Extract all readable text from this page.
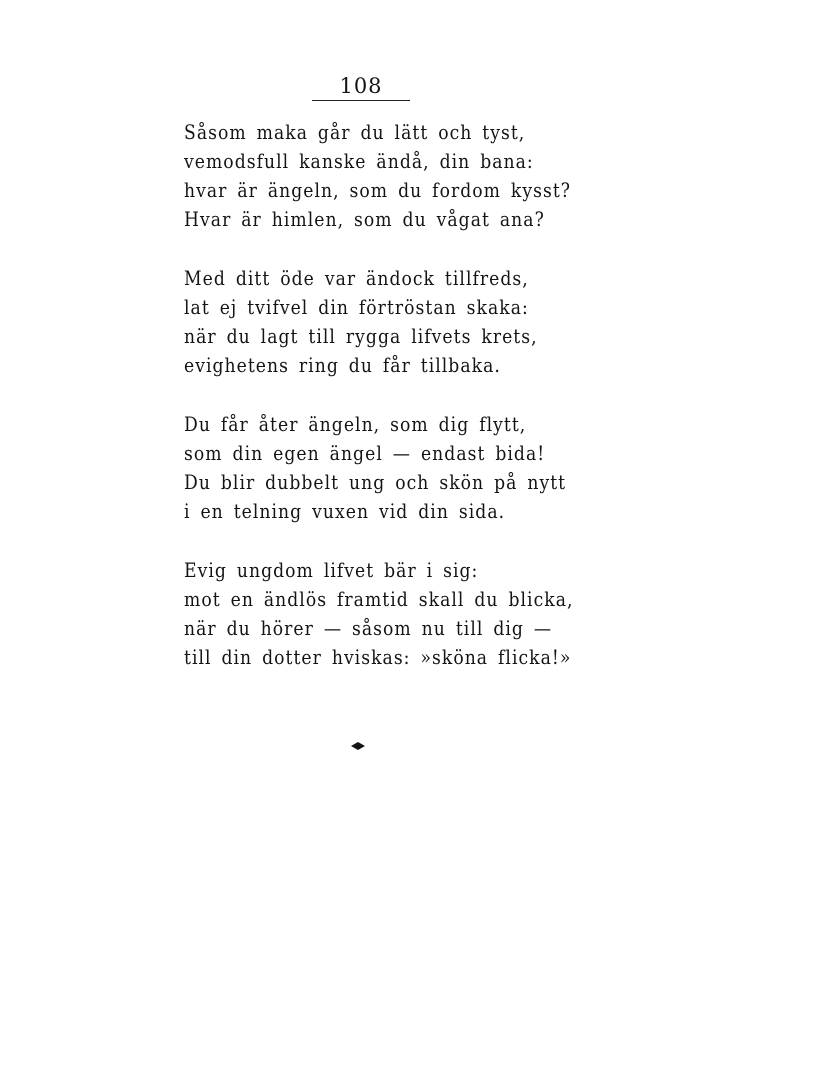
108
Såsom maka går du lätt och tyst,
vemodsfull kanske ändå, din bana:
hvar är ängeln, som du fordom kysst?
Hvar är himlen, som du vågat ana?
Med ditt öde var ändock tillfreds,
lat ej tvifvel din förtröstan skaka:
när du lagt till rygga lifvets krets,
evighetens ring du får tillbaka.
Du får åter ängeln, som dig flytt,
som din egen ängel — endast bida!
Du blir dubbelt ung och skön på nytt
i en telning vuxen vid din sida.
Evig ungdom lifvet bär i sig:
mot en ändlös framtid skall du blicka,
när du hörer — såsom nu till dig —
till din dotter hviskas: »sköna flicka!»
